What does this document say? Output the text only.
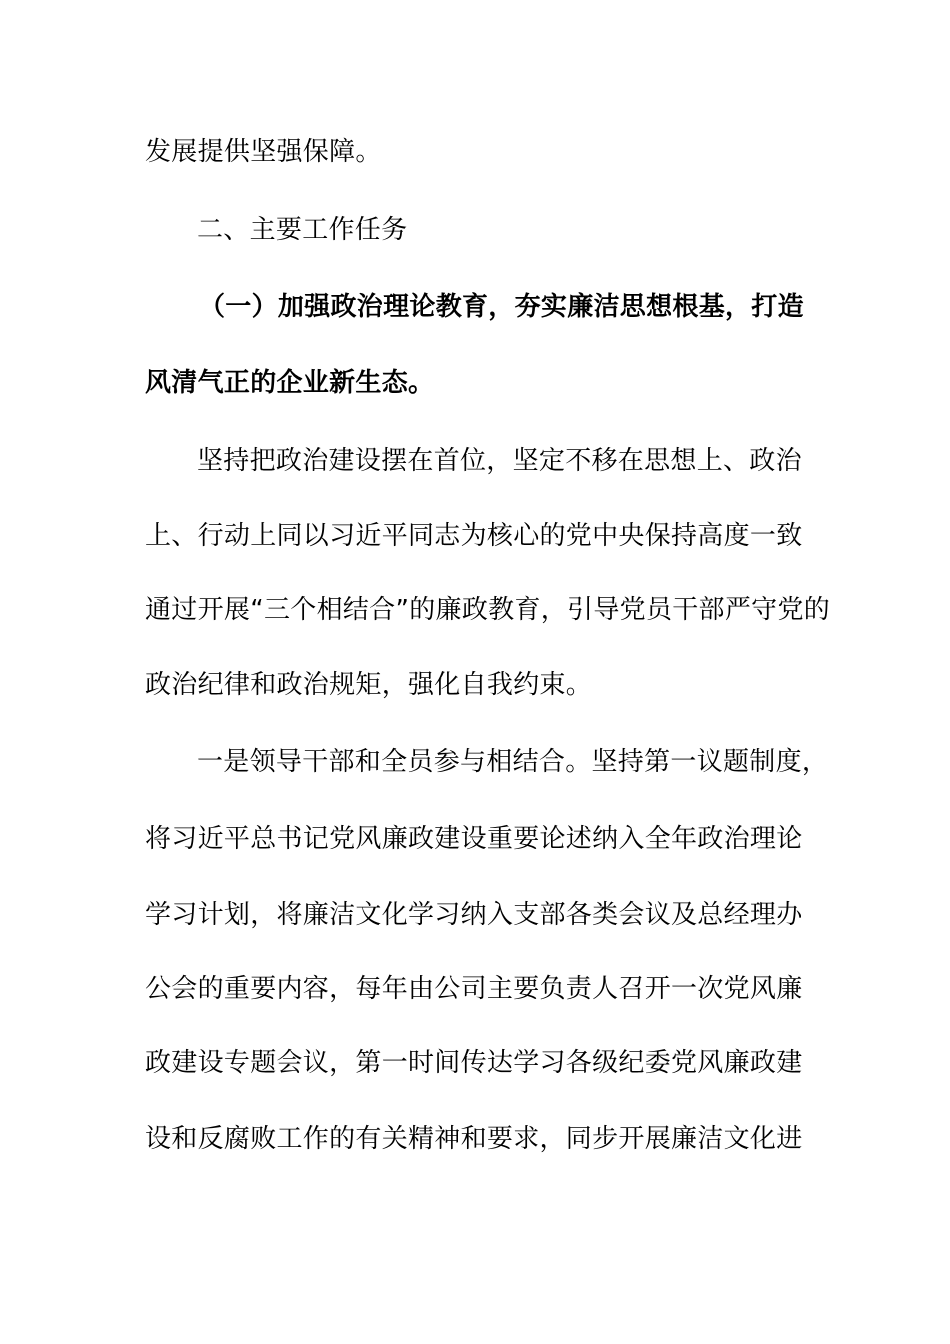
发展提供坚强保障。
二、主要工作任务
（一）加强政治理论教育，夯实廉洁思想根基，打造
风清气正的企业新生态。
坚持把政治建设摆在首位，坚定不移在思想上、政治
上、行动上同以习近平同志为核心的党中央保持高度一致
通过开展“三个相结合”的廉政教育，引导党员干部严守党的
政治纪律和政治规矩，强化自我约束。
一是领导干部和全员参与相结合。坚持第一议题制度，
将习近平总书记党风廉政建设重要论述纳入全年政治理论
学习计划，将廉洁文化学习纳入支部各类会议及总经理办
公会的重要内容，每年由公司主要负责人召开一次党风廉
政建设专题会议，第一时间传达学习各级纪委党风廉政建
设和反腐败工作的有关精神和要求，同步开展廉洁文化进
